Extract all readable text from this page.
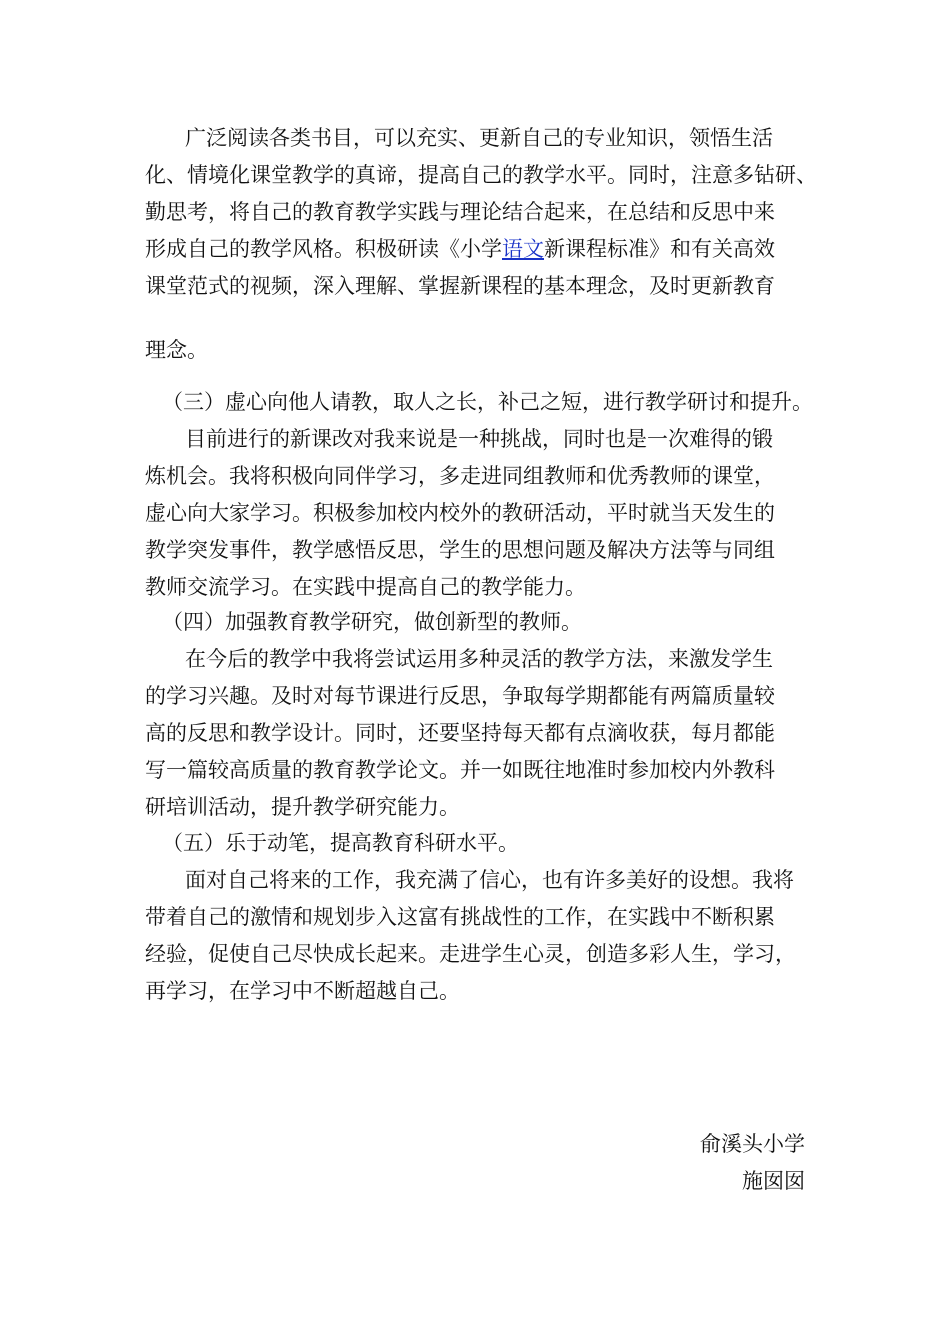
广泛阅读各类书目，可以充实、更新自己的专业知识，领悟生活

化、情境化课堂教学的真谛，提高自己的教学水平。同时，注意多钻研、

勤思考，将自己的教育教学实践与理论结合起来，在总结和反思中来

形成自己的教学风格。积极研读《小学语文新课程标准》和有关高效

课堂范式的视频，深入理解、掌握新课程的基本理念，及时更新教育

理念。

（三）虚心向他人请教，取人之长，补己之短，进行教学研讨和提升。

目前进行的新课改对我来说是一种挑战，同时也是一次难得的锻

炼机会。我将积极向同伴学习，多走进同组教师和优秀教师的课堂，

虚心向大家学习。积极参加校内校外的教研活动，平时就当天发生的

教学突发事件，教学感悟反思，学生的思想问题及解决方法等与同组

教师交流学习。在实践中提高自己的教学能力。

（四）加强教育教学研究，做创新型的教师。

在今后的教学中我将尝试运用多种灵活的教学方法，来激发学生

的学习兴趣。及时对每节课进行反思，争取每学期都能有两篇质量较

高的反思和教学设计。同时，还要坚持每天都有点滴收获，每月都能

写一篇较高质量的教育教学论文。并一如既往地准时参加校内外教科

研培训活动，提升教学研究能力。

（五）乐于动笔，提高教育科研水平。

面对自己将来的工作，我充满了信心，也有许多美好的设想。我将

带着自己的激情和规划步入这富有挑战性的工作，在实践中不断积累

经验，促使自己尽快成长起来。走进学生心灵，创造多彩人生，学习，

再学习，在学习中不断超越自己。

俞溪头小学

施囡囡
